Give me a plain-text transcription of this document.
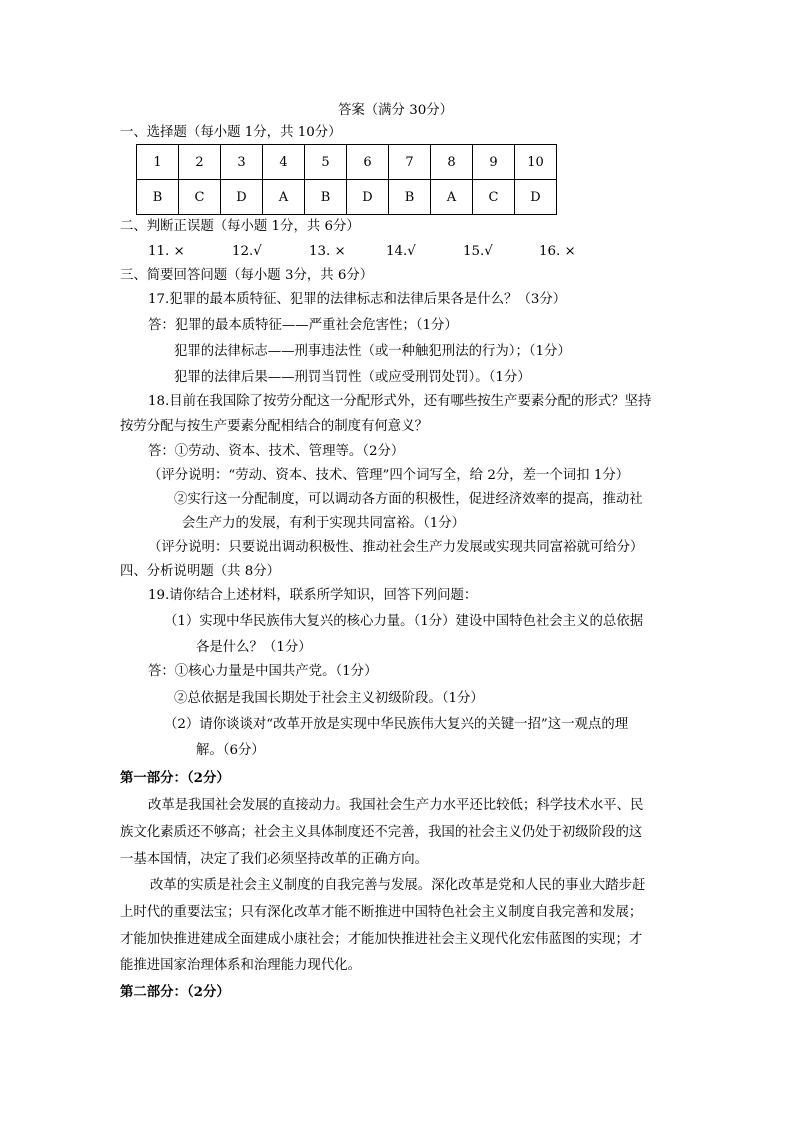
答案（满分 30分）
一、选择题（每小题 1分，共 10分）
1	2	3	4	5	6	7	8	9	10
B	C	D	A	B	D	B	A	C	D
二、判断正误题（每小题 1分，共 6分）
11. ×	12.√	13. ×	14.√	15.√	16. ×
三、简要回答问题（每小题 3分，共 6分）
17.犯罪的最本质特征、犯罪的法律标志和法律后果各是什么？（3分）
答：犯罪的最本质特征——严重社会危害性；（1分）
犯罪的法律标志——刑事违法性（或一种触犯刑法的行为）；（1分）
犯罪的法律后果——刑罚当罚性（或应受刑罚处罚）。（1分）
18.目前在我国除了按劳分配这一分配形式外，还有哪些按生产要素分配的形式？坚持
按劳分配与按生产要素分配相结合的制度有何意义？
答：①劳动、资本、技术、管理等。（2分）
（评分说明：“劳动、资本、技术、管理”四个词写全，给 2分，差一个词扣 1分）
②实行这一分配制度，可以调动各方面的积极性，促进经济效率的提高，推动社
会生产力的发展，有利于实现共同富裕。（1分）
（评分说明：只要说出调动积极性、推动社会生产力发展或实现共同富裕就可给分）
四、分析说明题（共 8分）
19.请你结合上述材料，联系所学知识，回答下列问题：
（1）实现中华民族伟大复兴的核心力量。（1分）建设中国特色社会主义的总依据
各是什么？（1分）
答：①核心力量是中国共产党。（1分）
②总依据是我国长期处于社会主义初级阶段。（1分）
（2）请你谈谈对“改革开放是实现中华民族伟大复兴的关键一招”这一观点的理
解。（6分）
第一部分：（2分）
改革是我国社会发展的直接动力。我国社会生产力水平还比较低；科学技术水平、民
族文化素质还不够高；社会主义具体制度还不完善，我国的社会主义仍处于初级阶段的这
一基本国情，决定了我们必须坚持改革的正确方向。
改革的实质是社会主义制度的自我完善与发展。深化改革是党和人民的事业大踏步赶
上时代的重要法宝；只有深化改革才能不断推进中国特色社会主义制度自我完善和发展；
才能加快推进建成全面建成小康社会；才能加快推进社会主义现代化宏伟蓝图的实现；才
能推进国家治理体系和治理能力现代化。
第二部分：（2分）
